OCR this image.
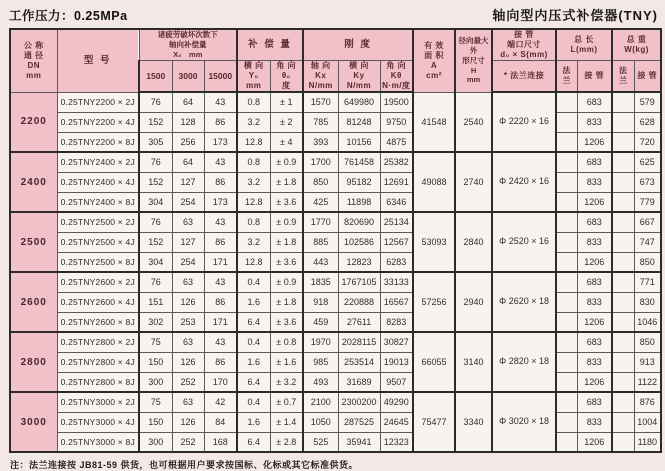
工作压力：0.25MPa	轴向型内压式补偿器(TNY)
公 称
通 径
DN
mm	型 号	诸疲劳破坏次数下
轴向补偿量
X₀　mm			补 偿 量		刚 度			有 效
面 积
A
cm²	径向最大外
形尺寸
H
mm	接 管
端口尺寸
d₀ × S(mm)	总 长
L(mm)		总 重
W(kg)	
		1500	3000	15000	横 向
Y₀
mm	角 向
θ₀
度	轴 向
Kx
N/mm	横 向
Ky
N/mm	角 向
Kθ
N·m/度			* 法兰连接	法 兰	接 管	法 兰	接 管
2200	0.25TNY2200 × 2J	76	64	43	0.8	± 1	1570	649980	19500	41548	2540	Φ 2220 × 16		683		579
	0.25TNY2200 × 4J	152	128	86	3.2	± 2	785	81248	9750					833		628
	0.25TNY2200 × 8J	305	256	173	12.8	± 4	393	10156	4875					1206		720
2400	0.25TNY2400 × 2J	76	64	43	0.8	± 0.9	1700	761458	25382	49088	2740	Φ 2420 × 16		683		625
	0.25TNY2400 × 4J	152	127	86	3.2	± 1.8	850	95182	12691					833		673
	0.25TNY2400 × 8J	304	254	173	12.8	± 3.6	425	11898	6346					1206		779
2500	0.25TNY2500 × 2J	76	63	43	0.8	± 0.9	1770	820690	25134	53093	2840	Φ 2520 × 16		683		667
	0.25TNY2500 × 4J	152	127	86	3.2	± 1.8	885	102586	12567					833		747
	0.25TNY2500 × 8J	304	254	171	12.8	± 3.6	443	12823	6283					1206		850
2600	0.25TNY2600 × 2J	76	63	43	0.4	± 0.9	1835	1767105	33133	57256	2940	Φ 2620 × 18		683		771
	0.25TNY2600 × 4J	151	126	86	1.6	± 1.8	918	220888	16567					833		830
	0.25TNY2600 × 8J	302	253	171	6.4	± 3.6	459	27611	8283					1206		1046
2800	0.25TNY2800 × 2J	75	63	43	0.4	± 0.8	1970	2028115	30827	66055	3140	Φ 2820 × 18		683		850
	0.25TNY2800 × 4J	150	126	86	1.6	± 1.6	985	253514	19013					833		913
	0.25TNY2800 × 8J	300	252	170	6.4	± 3.2	493	31689	9507					1206		1122
3000	0.25TNY3000 × 2J	75	63	42	0.4	± 0.7	2100	2300200	49290	75477	3340	Φ 3020 × 18		683		876
	0.25TNY3000 × 4J	150	126	84	1.6	± 1.4	1050	287525	24645					833		1004
	0.25TNY3000 × 8J	300	252	168	6.4	± 2.8	525	35941	12323					1206		1180
注：法兰连接按 JB81-59 供货，也可根据用户要求按国标、化标或其它标准供货。
